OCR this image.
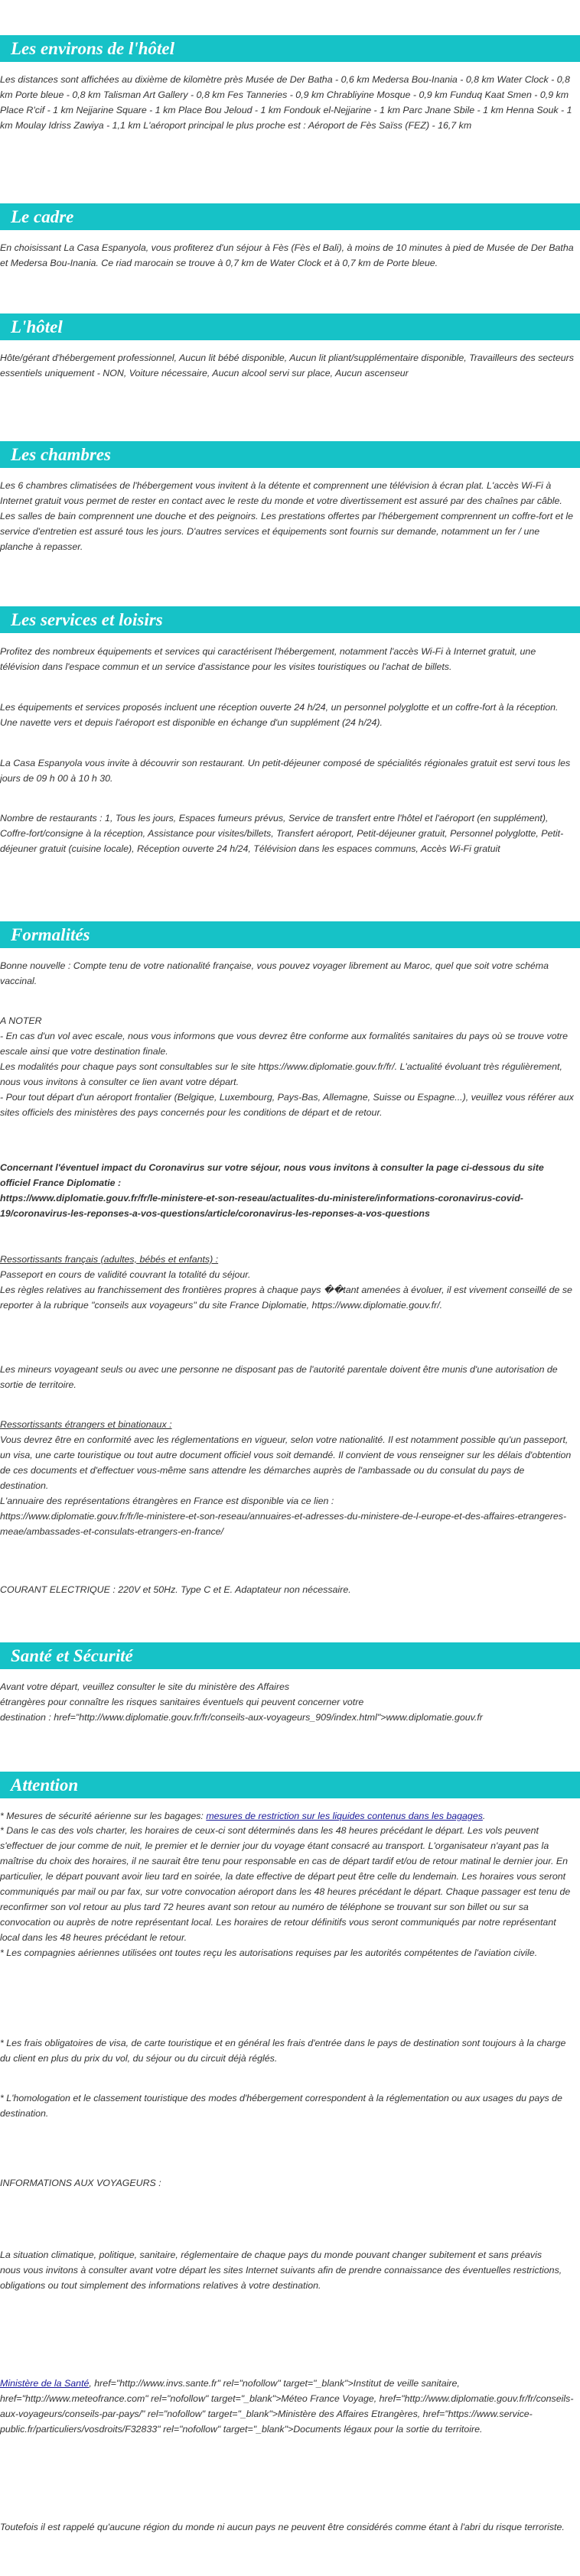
Les environs de l'hôtel

Les distances sont affichées au dixième de kilomètre près Musée de Der Batha - 0,6 km Medersa Bou-Inania - 0,8 km Water Clock - 0,8 km Porte bleue - 0,8 km Talisman Art Gallery - 0,8 km Fes Tanneries - 0,9 km Chrabliyine Mosque - 0,9 km Funduq Kaat Smen - 0,9 km Place R'cif - 1 km Nejjarine Square - 1 km Place Bou Jeloud - 1 km Fondouk el-Nejjarine - 1 km Parc Jnane Sbile - 1 km Henna Souk - 1 km Moulay Idriss Zawiya - 1,1 km L'aéroport principal le plus proche est : Aéroport de Fès Saïss (FEZ) - 16,7 km

Le cadre

En choisissant La Casa Espanyola, vous profiterez d'un séjour à Fès (Fès el Bali), à moins de 10 minutes à pied de Musée de Der Batha et Medersa Bou-Inania. Ce riad marocain se trouve à 0,7 km de Water Clock et à 0,7 km de Porte bleue.

L'hôtel

Hôte/gérant d'hébergement professionnel, Aucun lit bébé disponible, Aucun lit pliant/supplémentaire disponible, Travailleurs des secteurs essentiels uniquement - NON, Voiture nécessaire, Aucun alcool servi sur place, Aucun ascenseur

Les chambres

Les 6 chambres climatisées de l'hébergement vous invitent à la détente et comprennent une télévision à écran plat. L'accès Wi-Fi à Internet gratuit vous permet de rester en contact avec le reste du monde et votre divertissement est assuré par des chaînes par câble. Les salles de bain comprennent une douche et des peignoirs. Les prestations offertes par l'hébergement comprennent un coffre-fort et le service d'entretien est assuré tous les jours. D'autres services et équipements sont fournis sur demande, notamment un fer / une planche à repasser.

Les services et loisirs

Profitez des nombreux équipements et services qui caractérisent l'hébergement, notamment l'accès Wi-Fi à Internet gratuit, une télévision dans l'espace commun et un service d'assistance pour les visites touristiques ou l'achat de billets.

Les équipements et services proposés incluent une réception ouverte 24 h/24, un personnel polyglotte et un coffre-fort à la réception. Une navette vers et depuis l'aéroport est disponible en échange d'un supplément (24 h/24).

La Casa Espanyola vous invite à découvrir son restaurant. Un petit-déjeuner composé de spécialités régionales gratuit est servi tous les jours de 09 h 00 à 10 h 30.

Nombre de restaurants : 1, Tous les jours, Espaces fumeurs prévus, Service de transfert entre l'hôtel et l'aéroport (en supplément), Coffre-fort/consigne à la réception, Assistance pour visites/billets, Transfert aéroport, Petit-déjeuner gratuit, Personnel polyglotte, Petit-déjeuner gratuit (cuisine locale), Réception ouverte 24 h/24, Télévision dans les espaces communs, Accès Wi-Fi gratuit

Formalités

Bonne nouvelle : Compte tenu de votre nationalité française, vous pouvez voyager librement au Maroc, quel que soit votre schéma vaccinal.

A NOTER
- En cas d'un vol avec escale, nous vous informons que vous devrez être conforme aux formalités sanitaires du pays où se trouve votre escale ainsi que votre destination finale.
Les modalités pour chaque pays sont consultables sur le site https://www.diplomatie.gouv.fr/fr/. L'actualité évoluant très régulièrement, nous vous invitons à consulter ce lien avant votre départ.
- Pour tout départ d'un aéroport frontalier (Belgique, Luxembourg, Pays-Bas, Allemagne, Suisse ou Espagne...), veuillez vous référer aux sites officiels des ministères des pays concernés pour les conditions de départ et de retour.

Concernant l'éventuel impact du Coronavirus sur votre séjour, nous vous invitons à consulter la page ci-dessous du site officiel France Diplomatie :
https://www.diplomatie.gouv.fr/fr/le-ministere-et-son-reseau/actualites-du-ministere/informations-coronavirus-covid-19/coronavirus-les-reponses-a-vos-questions/article/coronavirus-les-reponses-a-vos-questions

Ressortissants français (adultes, bébés et enfants) :

Passeport en cours de validité couvrant la totalité du séjour.
Les règles relatives au franchissement des frontières propres à chaque pays ��tant amenées à évoluer, il est vivement conseillé de se reporter à la rubrique "conseils aux voyageurs" du site France Diplomatie, https://www.diplomatie.gouv.fr/.

Les mineurs voyageant seuls ou avec une personne ne disposant pas de l'autorité parentale doivent être munis d'une autorisation de sortie de territoire.

Ressortissants étrangers et binationaux :

Vous devrez être en conformité avec les réglementations en vigueur, selon votre nationalité. Il est notamment possible qu'un passeport, un visa, une carte touristique ou tout autre document officiel vous soit demandé. Il convient de vous renseigner sur les délais d'obtention de ces documents et d'effectuer vous-même sans attendre les démarches auprès de l'ambassade ou du consulat du pays de destination.
L'annuaire des représentations étrangères en France est disponible via ce lien :
https://www.diplomatie.gouv.fr/fr/le-ministere-et-son-reseau/annuaires-et-adresses-du-ministere-de-l-europe-et-des-affaires-etrangeres-meae/ambassades-et-consulats-etrangers-en-france/

COURANT ELECTRIQUE : 220V et 50Hz. Type C et E. Adaptateur non nécessaire.

Santé et Sécurité

Avant votre départ, veuillez consulter le site du ministère des Affaires
étrangères pour connaître les risques sanitaires éventuels qui peuvent concerner votre
destination : href="http://www.diplomatie.gouv.fr/fr/conseils-aux-voyageurs_909/index.html">www.diplomatie.gouv.fr

Attention

* Mesures de sécurité aérienne sur les bagages: mesures de restriction sur les liquides contenus dans les bagages.

* Dans le cas des vols charter, les horaires de ceux-ci sont déterminés dans les 48 heures précédant le départ. Les vols peuvent s'effectuer de jour comme de nuit, le premier et le dernier jour du voyage étant consacré au transport. L'organisateur n'ayant pas la maîtrise du choix des horaires, il ne saurait être tenu pour responsable en cas de départ tardif et/ou de retour matinal le dernier jour. En particulier, le départ pouvant avoir lieu tard en soirée, la date effective de départ peut être celle du lendemain. Les horaires vous seront communiqués par mail ou par fax, sur votre convocation aéroport dans les 48 heures précédant le départ. Chaque passager est tenu de reconfirmer son vol retour au plus tard 72 heures avant son retour au numéro de téléphone se trouvant sur son billet ou sur sa convocation ou auprès de notre représentant local. Les horaires de retour définitifs vous seront communiqués par notre représentant local dans les 48 heures précédant le retour.
* Les compagnies aériennes utilisées ont toutes reçu les autorisations requises par les autorités compétentes de l'aviation civile.

* Les frais obligatoires de visa, de carte touristique et en général les frais d'entrée dans le pays de destination sont toujours à la charge du client en plus du prix du vol, du séjour ou du circuit déjà réglés.

* L'homologation et le classement touristique des modes d'hébergement correspondent à la réglementation ou aux usages du pays de destination.

INFORMATIONS AUX VOYAGEURS :

La situation climatique, politique, sanitaire, réglementaire de chaque pays du monde pouvant changer subitement et sans préavis
nous vous invitons à consulter avant votre départ les sites Internet suivants afin de prendre connaissance des éventuelles restrictions, obligations ou tout simplement des informations relatives à votre destination.

Ministère de la Santé, href="http://www.invs.sante.fr" rel="nofollow" target="_blank">Institut de veille sanitaire, href="http://www.meteofrance.com" rel="nofollow" target="_blank">Méteo France Voyage, href="http://www.diplomatie.gouv.fr/fr/conseils-aux-voyageurs/conseils-par-pays/" rel="nofollow" target="_blank">Ministère des Affaires Etrangères, href="https://www.service-public.fr/particuliers/vosdroits/F32833" rel="nofollow" target="_blank">Documents légaux pour la sortie du territoire.

Toutefois il est rappelé qu'aucune région du monde ni aucun pays ne peuvent être considérés comme étant à l'abri du risque terroriste.
